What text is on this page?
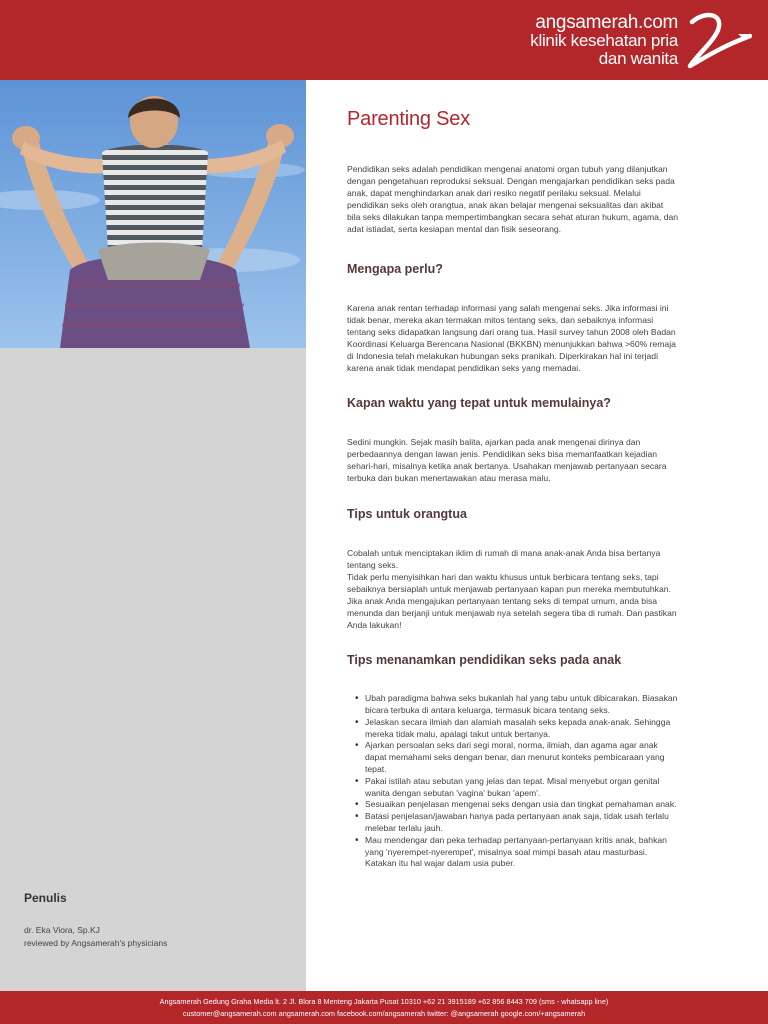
angsamerah.com
klinik kesehatan pria
dan wanita
Parenting Sex

Pendidikan seks adalah pendidikan mengenai anatomi organ tubuh yang dilanjutkan dengan pengetahuan reproduksi seksual. Dengan mengajarkan pendidikan seks pada anak, dapat menghindarkan anak dari resiko negatif perilaku seksual. Melalui pendidikan seks oleh orangtua, anak akan belajar mengenai seksualitas dan akibat bila seks dilakukan tanpa mempertimbangkan secara sehat aturan hukum, agama, dan adat istiadat, serta kesiapan mental dan fisik seseorang.

Mengapa perlu?

Karena anak rentan terhadap informasi yang salah mengenai seks. Jika informasi ini tidak benar, mereka akan termakan mitos tentang seks, dan sebaiknya informasi tentang seks didapatkan langsung dari orang tua. Hasil survey tahun 2008 oleh Badan Koordinasi Keluarga Berencana Nasional (BKKBN) menunjukkan bahwa >60% remaja di Indonesia telah melakukan hubungan seks pranikah. Diperkirakan hal ini terjadi karena anak tidak mendapat pendidikan seks yang memadai.

Kapan waktu yang tepat untuk memulainya?

Sedini mungkin. Sejak masih balita, ajarkan pada anak mengenai dirinya dan perbedaannya dengan lawan jenis. Pendidikan seks bisa memanfaatkan kejadian sehari-hari, misalnya ketika anak bertanya. Usahakan menjawab pertanyaan secara terbuka dan bukan menertawakan atau merasa malu.

Tips untuk orangtua
Cobalah untuk menciptakan iklim di rumah di mana anak-anak Anda bisa bertanya tentang seks.
Tidak perlu menyisihkan hari dan waktu khusus untuk berbicara tentang seks, tapi sebaiknya bersiaplah untuk menjawab pertanyaan kapan pun mereka membutuhkan.
Jika anak Anda mengajukan pertanyaan tentang seks di tempat umum, anda bisa menunda dan berjanji untuk menjawab nya setelah segera tiba di rumah. Dan pastikan Anda lakukan!
Tips menanamkan pendidikan seks pada anak
• Ubah paradigma bahwa seks bukanlah hal yang tabu untuk dibicarakan. Biasakan bicara terbuka di antara keluarga, termasuk bicara tentang seks.
• Jelaskan secara ilmiah dan alamiah masalah seks kepada anak-anak. Sehingga mereka tidak malu, apalagi takut untuk bertanya.
• Ajarkan persoalan seks dari segi moral, norma, ilmiah, dan agama agar anak dapat memahami seks dengan benar, dan menurut konteks pembicaraan yang tepat.
• Pakai istilah atau sebutan yang jelas dan tepat. Misal menyebut organ genital wanita dengan sebutan 'vagina' bukan 'apem'.
• Sesuaikan penjelasan mengenai seks dengan usia dan tingkat pemahaman anak.
• Batasi penjelasan/jawaban hanya pada pertanyaan anak saja, tidak usah terlalu melebar terlalu jauh.
• Mau mendengar dan peka terhadap pertanyaan-pertanyaan kritis anak, bahkan yang 'nyerempet-nyerempet', misalnya soal mimpi basah atau masturbasi. Katakan itu hal wajar dalam usia puber.
Penulis
dr. Eka Viora, Sp.KJ
reviewed by Angsamerah's physicians
Angsamerah Gedung Graha Media lt. 2 Jl. Blora 8 Menteng Jakarta Pusat 10310 +62 21 3915189 +62 856 8443 709 (sms - whatsapp line)
customer@angsamerah.com angsamerah.com facebook.com/angsamerah twitter: @angsamerah google.com/+angsamerah
